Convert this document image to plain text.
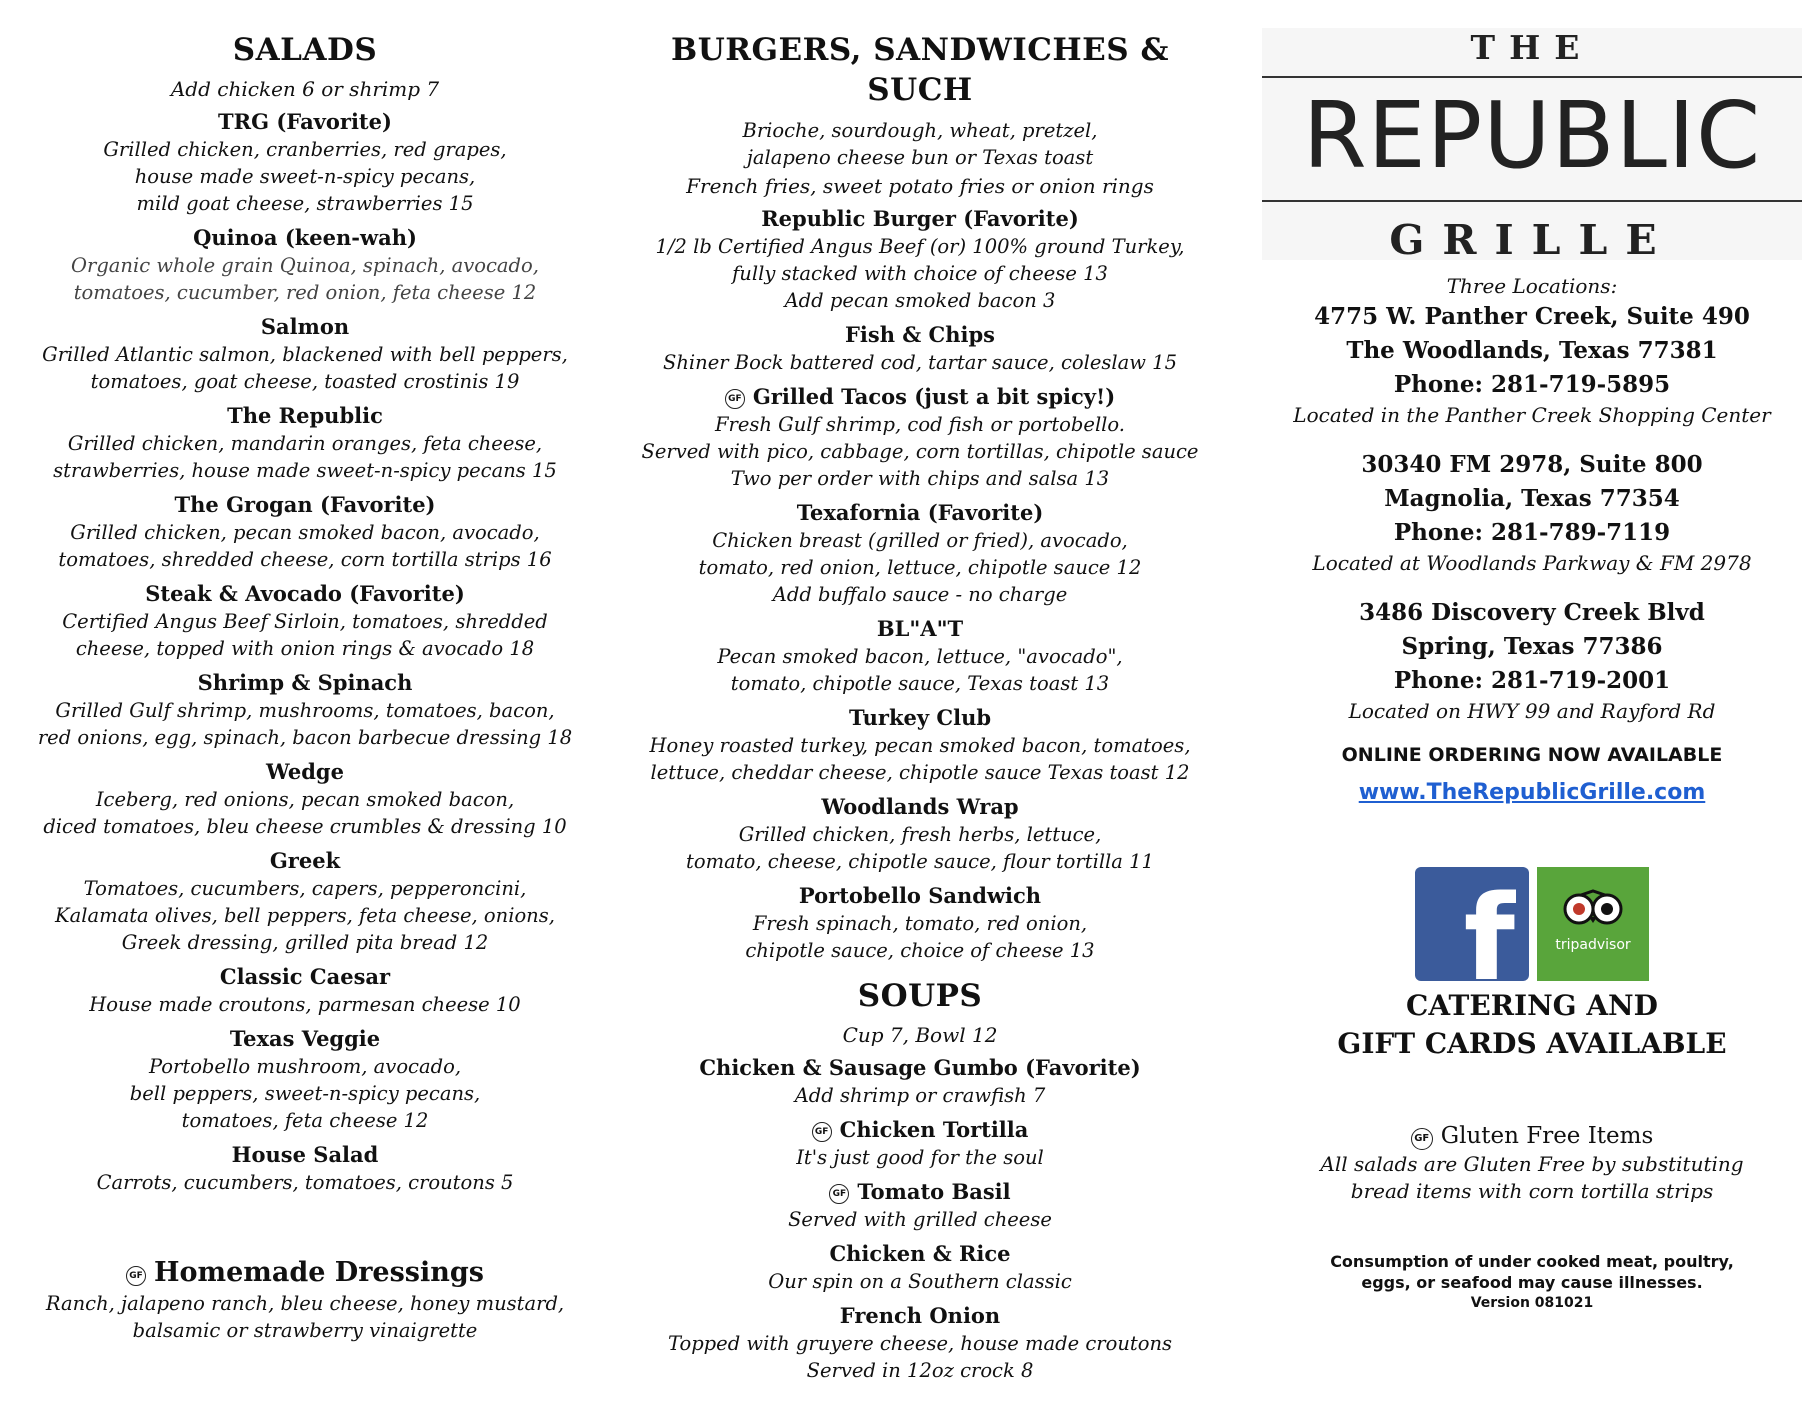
SALADS
Add chicken 6 or shrimp 7
TRG (Favorite)
Grilled chicken, cranberries, red grapes,
house made sweet-n-spicy pecans,
mild goat cheese, strawberries 15
Quinoa (keen-wah)
Organic whole grain Quinoa, spinach, avocado,
tomatoes, cucumber, red onion, feta cheese 12
Salmon
Grilled Atlantic salmon, blackened with bell peppers,
tomatoes, goat cheese, toasted crostinis 19
The Republic
Grilled chicken, mandarin oranges, feta cheese,
strawberries, house made sweet-n-spicy pecans 15
The Grogan (Favorite)
Grilled chicken, pecan smoked bacon, avocado,
tomatoes, shredded cheese, corn tortilla strips 16
Steak & Avocado (Favorite)
Certified Angus Beef Sirloin, tomatoes, shredded
cheese, topped with onion rings & avocado 18
Shrimp & Spinach
Grilled Gulf shrimp, mushrooms, tomatoes, bacon,
red onions, egg, spinach, bacon barbecue dressing 18
Wedge
Iceberg, red onions, pecan smoked bacon,
diced tomatoes, bleu cheese crumbles & dressing 10
Greek
Tomatoes, cucumbers, capers, pepperoncini,
Kalamata olives, bell peppers, feta cheese, onions,
Greek dressing, grilled pita bread 12
Classic Caesar
House made croutons, parmesan cheese 10
Texas Veggie
Portobello mushroom, avocado,
bell peppers, sweet-n-spicy pecans,
tomatoes, feta cheese 12
House Salad
Carrots, cucumbers, tomatoes, croutons 5
GF Homemade Dressings
Ranch, jalapeno ranch, bleu cheese, honey mustard,
balsamic or strawberry vinaigrette
BURGERS, SANDWICHES & SUCH
Brioche, sourdough, wheat, pretzel,
jalapeno cheese bun or Texas toast
French fries, sweet potato fries or onion rings
Republic Burger (Favorite)
1/2 lb Certified Angus Beef (or) 100% ground Turkey,
fully stacked with choice of cheese 13
Add pecan smoked bacon 3
Fish & Chips
Shiner Bock battered cod, tartar sauce, coleslaw 15
GF Grilled Tacos (just a bit spicy!)
Fresh Gulf shrimp, cod fish or portobello.
Served with pico, cabbage, corn tortillas, chipotle sauce
Two per order with chips and salsa 13
Texafornia (Favorite)
Chicken breast (grilled or fried), avocado,
tomato, red onion, lettuce, chipotle sauce 12
Add buffalo sauce - no charge
BL"A"T
Pecan smoked bacon, lettuce, "avocado",
tomato, chipotle sauce, Texas toast 13
Turkey Club
Honey roasted turkey, pecan smoked bacon, tomatoes,
lettuce, cheddar cheese, chipotle sauce Texas toast 12
Woodlands Wrap
Grilled chicken, fresh herbs, lettuce,
tomato, cheese, chipotle sauce, flour tortilla 11
Portobello Sandwich
Fresh spinach, tomato, red onion,
chipotle sauce, choice of cheese 13
SOUPS
Cup 7, Bowl 12
Chicken & Sausage Gumbo (Favorite)
Add shrimp or crawfish 7
GF Chicken Tortilla
It's just good for the soul
GF Tomato Basil
Served with grilled cheese
Chicken & Rice
Our spin on a Southern classic
French Onion
Topped with gruyere cheese, house made croutons
Served in 12oz crock 8
THE
REPUBLIC
GRILLE
Three Locations:
4775 W. Panther Creek, Suite 490
The Woodlands, Texas 77381
Phone: 281-719-5895
Located in the Panther Creek Shopping Center
30340 FM 2978, Suite 800
Magnolia, Texas 77354
Phone: 281-789-7119
Located at Woodlands Parkway & FM 2978
3486 Discovery Creek Blvd
Spring, Texas 77386
Phone: 281-719-2001
Located on HWY 99 and Rayford Rd
ONLINE ORDERING NOW AVAILABLE
www.TheRepublicGrille.com
f	tripadvisor
CATERING AND
GIFT CARDS AVAILABLE
GF Gluten Free Items
All salads are Gluten Free by substituting
bread items with corn tortilla strips
Consumption of under cooked meat, poultry,
eggs, or seafood may cause illnesses.
Version 081021
